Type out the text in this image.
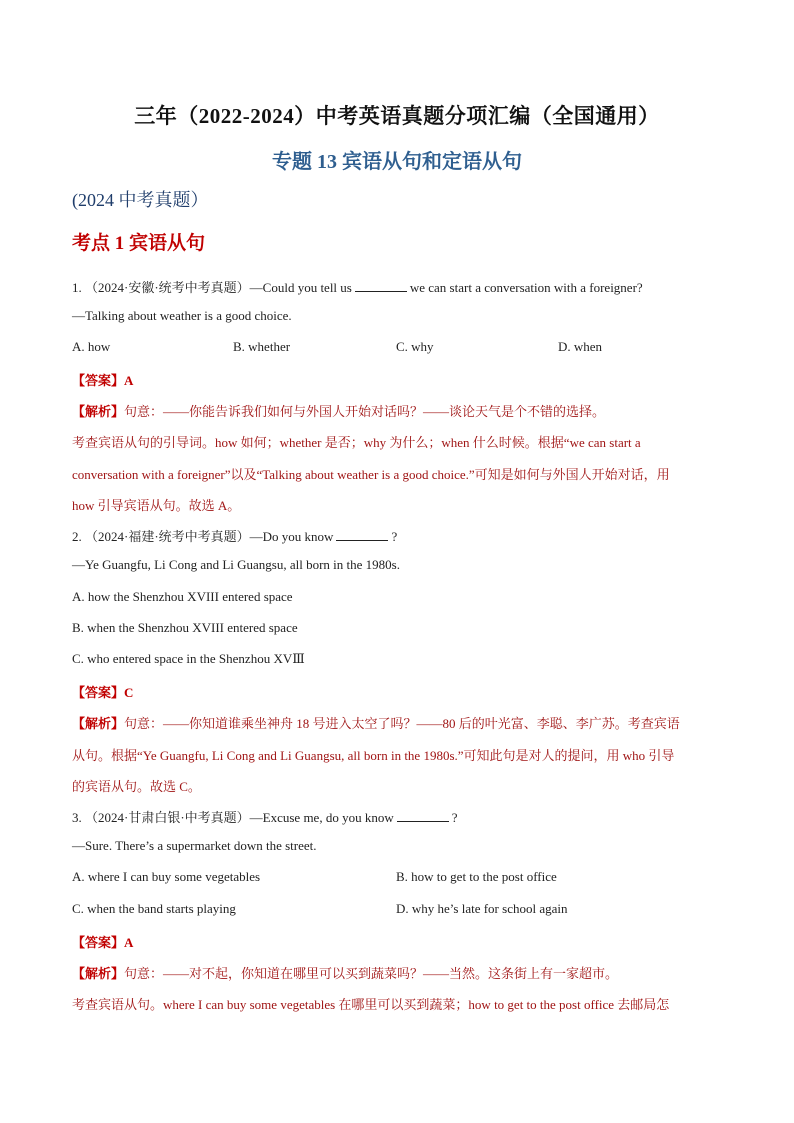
三年（2022-2024）中考英语真题分项汇编（全国通用）
专题 13 宾语从句和定语从句
(2024 中考真题）
考点 1 宾语从句
1. （2024·安徽·统考中考真题）—Could you tell us	we can start a conversation with a foreigner?
—Talking about weather is a good choice.
A. how	B. whether	C. why	D. when
【答案】A
【解析】句意：——你能告诉我们如何与外国人开始对话吗？——谈论天气是个不错的选择。
考查宾语从句的引导词。how 如何；whether 是否；why 为什么；when 什么时候。根据“we can start a
conversation with a foreigner”以及“Talking about weather is a good choice.”可知是如何与外国人开始对话，用
how 引导宾语从句。故选 A。
2. （2024·福建·统考中考真题）—Do you know	?
—Ye Guangfu, Li Cong and Li Guangsu, all born in the 1980s.
A. how the Shenzhou XVIII entered space
B. when the Shenzhou XVIII entered space
C. who entered space in the Shenzhou XVⅢ
【答案】C
【解析】句意：——你知道谁乘坐神舟 18 号进入太空了吗？——80 后的叶光富、李聪、李广苏。考查宾语
从句。根据“Ye Guangfu, Li Cong and Li Guangsu, all born in the 1980s.”可知此句是对人的提问，用 who 引导
的宾语从句。故选 C。
3. （2024·甘肃白银·中考真题）—Excuse me, do you know	?
—Sure. There’s a supermarket down the street.
A. where I can buy some vegetables	B. how to get to the post office
C. when the band starts playing	D. why he’s late for school again
【答案】A
【解析】句意：——对不起，你知道在哪里可以买到蔬菜吗？——当然。这条街上有一家超市。
考查宾语从句。where I can buy some vegetables 在哪里可以买到蔬菜；how to get to the post office 去邮局怎
